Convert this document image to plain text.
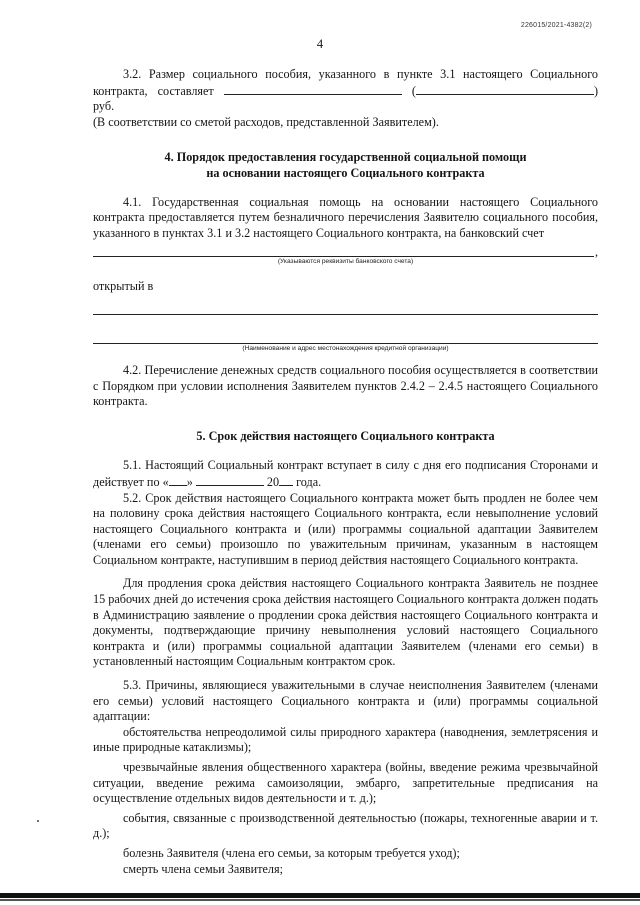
226015/2021-4382(2)
4

3.2. Размер социального пособия, указанного в пункте 3.1 настоящего Социального контракта, составляет	(	) руб.

(В соответствии со сметой расходов, представленной Заявителем).

4. Порядок предоставления государственной социальной помощи

на основании настоящего Социального контракта

4.1. Государственная социальная помощь на основании настоящего Социального контракта предоставляется путем безналичного перечисления Заявителю социального пособия, указанного в пунктах 3.1 и 3.2 настоящего Социального контракта, на банковский счет

,
(Указываются реквизиты банковского счета)

открытый в

(Наименование и адрес местонахождения кредитной организации)

4.2. Перечисление денежных средств социального пособия осуществляется в соответствии с Порядком при условии исполнения Заявителем пунктов 2.4.2 – 2.4.5 настоящего Социального контракта.

5. Срок действия настоящего Социального контракта

5.1. Настоящий Социальный контракт вступает в силу с дня его подписания Сторонами и действует по « »	20 года.

5.2. Срок действия настоящего Социального контракта может быть продлен не более чем на половину срока действия настоящего Социального контракта, если невыполнение условий настоящего Социального контракта и (или) программы социальной адаптации Заявителем (членами его семьи) произошло по уважительным причинам, указанным в настоящем Социальном контракте, наступившим в период действия настоящего Социального контракта.

Для продления срока действия настоящего Социального контракта Заявитель не позднее 15 рабочих дней до истечения срока действия настоящего Социального контракта должен подать в Администрацию заявление о продлении срока действия настоящего Социального контракта и документы, подтверждающие причину невыполнения условий настоящего Социального контракта и (или) программы социальной адаптации Заявителем (членами его семьи) в установленный настоящим Социальным контрактом срок.

5.3. Причины, являющиеся уважительными в случае неисполнения Заявителем (членами его семьи) условий настоящего Социального контракта и (или) программы социальной адаптации:

обстоятельства непреодолимой силы природного характера (наводнения, землетрясения и иные природные катаклизмы);

чрезвычайные явления общественного характера (войны, введение режима чрезвычайной ситуации, введение режима самоизоляции, эмбарго, запретительные предписания на осуществление отдельных видов деятельности и т. д.);

события, связанные с производственной деятельностью (пожары, техногенные аварии и т. д.);

болезнь Заявителя (члена его семьи, за которым требуется уход);

смерть члена семьи Заявителя;
